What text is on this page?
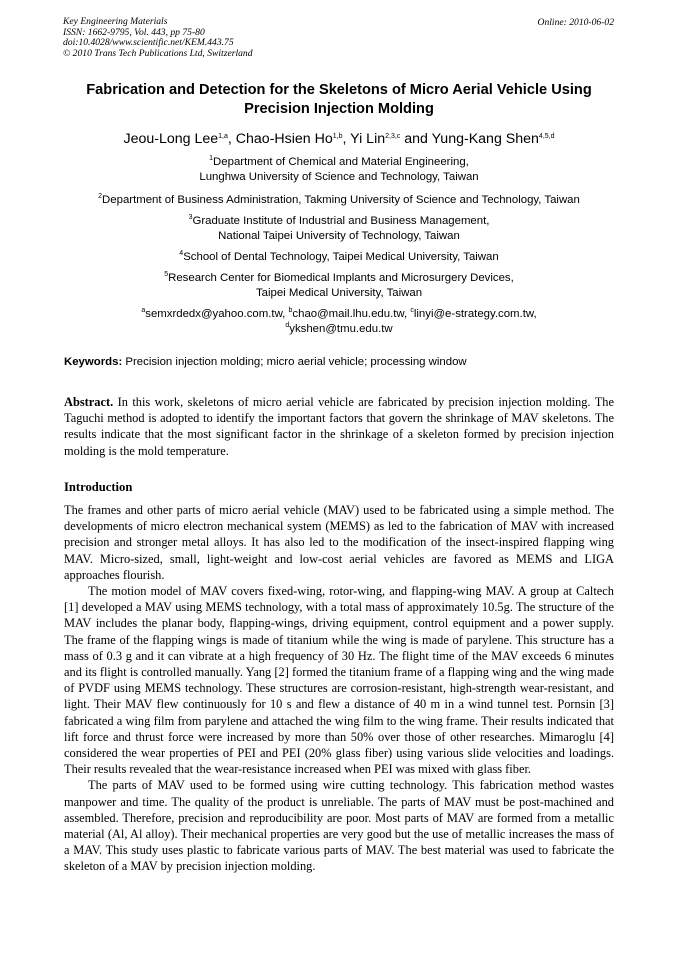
Key Engineering Materials
ISSN: 1662-9795, Vol. 443, pp 75-80
doi:10.4028/www.scientific.net/KEM.443.75
© 2010 Trans Tech Publications Ltd, Switzerland
Online: 2010-06-02
Fabrication and Detection for the Skeletons of Micro Aerial Vehicle Using
Precision Injection Molding
Jeou-Long Lee$^{1,a}$, Chao-Hsien Ho$^{1,b}$, Yi Lin$^{2,3,c}$ and Yung-Kang Shen$^{4,5,d}$
$^1$Department of Chemical and Material Engineering,
Lunghwa University of Science and Technology, Taiwan
$^2$Department of Business Administration, Takming University of Science and Technology, Taiwan
$^3$Graduate Institute of Industrial and Business Management,
National Taipei University of Technology, Taiwan
$^4$School of Dental Technology, Taipei Medical University, Taiwan
$^5$Research Center for Biomedical Implants and Microsurgery Devices,
Taipei Medical University, Taiwan
$^a$semxrdedx@yahoo.com.tw, $^b$chao@mail.lhu.edu.tw, $^c$linyi@e-strategy.com.tw,
$^d$ykshen@tmu.edu.tw
Keywords: Precision injection molding; micro aerial vehicle; processing window
Abstract. In this work, skeletons of micro aerial vehicle are fabricated by precision injection molding. The Taguchi method is adopted to identify the important factors that govern the shrinkage of MAV skeletons. The results indicate that the most significant factor in the shrinkage of a skeleton formed by precision injection molding is the mold temperature.
Introduction

The frames and other parts of micro aerial vehicle (MAV) used to be fabricated using a simple method. The developments of micro electron mechanical system (MEMS) as led to the fabrication of MAV with increased precision and stronger metal alloys. It has also led to the modification of the insect-inspired flapping wing MAV. Micro-sized, small, light-weight and low-cost aerial vehicles are favored as MEMS and LIGA approaches flourish.

The motion model of MAV covers fixed-wing, rotor-wing, and flapping-wing MAV. A group at Caltech [1] developed a MAV using MEMS technology, with a total mass of approximately 10.5g. The structure of the MAV includes the planar body, flapping-wings, driving equipment, control equipment and a power supply. The frame of the flapping wings is made of titanium while the wing is made of parylene. This structure has a mass of 0.3 g and it can vibrate at a high frequency of 30 Hz. The flight time of the MAV exceeds 6 minutes and its flight is controlled manually. Yang [2] formed the titanium frame of a flapping wing and the wing made of PVDF using MEMS technology. These structures are corrosion-resistant, high-strength wear-resistant, and light. Their MAV flew continuously for 10 s and flew a distance of 40 m in a wind tunnel test. Pornsin [3] fabricated a wing film from parylene and attached the wing film to the wing frame. Their results indicated that lift force and thrust force were increased by more than 50% over those of other researches. Mimaroglu [4] considered the wear properties of PEI and PEI (20% glass fiber) using various slide velocities and loadings. Their results revealed that the wear-resistance increased when PEI was mixed with glass fiber.

The parts of MAV used to be formed using wire cutting technology. This fabrication method wastes manpower and time. The quality of the product is unreliable. The parts of MAV must be post-machined and assembled. Therefore, precision and reproducibility are poor. Most parts of MAV are formed from a metallic material (Al, Al alloy). Their mechanical properties are very good but the use of metallic increases the mass of a MAV. This study uses plastic to fabricate various parts of MAV. The best material was used to fabricate the skeleton of a MAV by precision injection molding.
